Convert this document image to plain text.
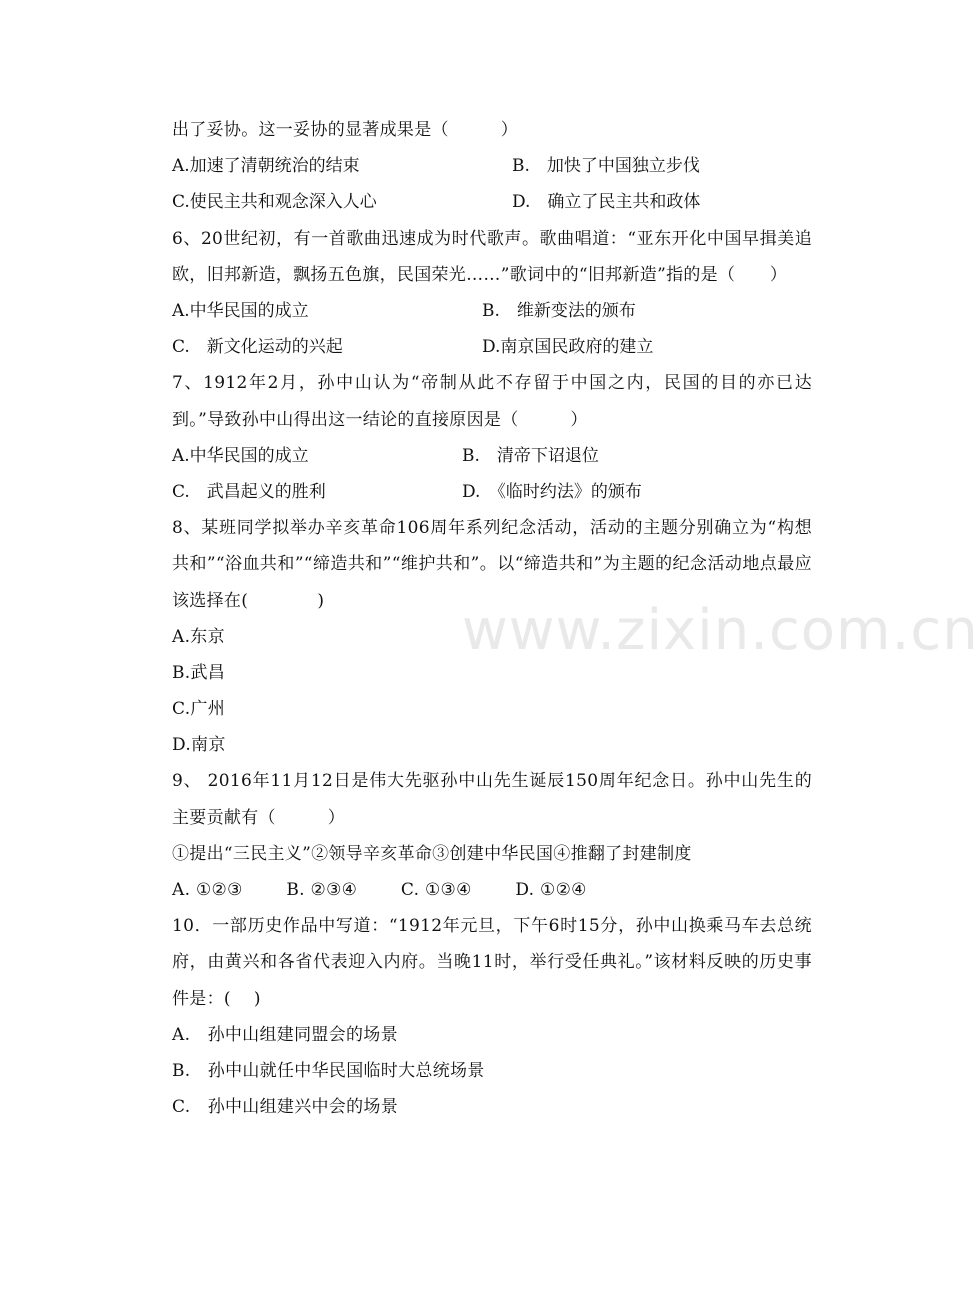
www.zixin.com.cn
出了妥协。这一妥协的显著成果是（　　　）
A.加速了清朝统治的结束	B.　加快了中国独立步伐
C.使民主共和观念深入人心	D.　确立了民主共和政体
6、20世纪初，有一首歌曲迅速成为时代歌声。歌曲唱道：“亚东开化中国早揖美追欧，旧邦新造，飘扬五色旗，民国荣光……”歌词中的“旧邦新造”指的是（　　）
A.中华民国的成立	B.　维新变法的颁布
C.　新文化运动的兴起	D.南京国民政府的建立
7、1912年2月，孙中山认为“帝制从此不存留于中国之内，民国的目的亦已达到。”导致孙中山得出这一结论的直接原因是（　　　）
A.中华民国的成立	B.　清帝下诏退位
C.　武昌起义的胜利	D.　《临时约法》的颁布
8、某班同学拟举办辛亥革命106周年系列纪念活动，活动的主题分别确立为“构想共和”“浴血共和”“缔造共和”“维护共和”。以“缔造共和”为主题的纪念活动地点最应该选择在(　　　　)
A.东京
B.武昌
C.广州
D.南京
9、 2016年11月12日是伟大先驱孙中山先生诞辰150周年纪念日。孙中山先生的主要贡献有（　　　）
①提出“三民主义”②领导辛亥革命③创建中华民国④推翻了封建制度
A. ①②③	B. ②③④	C. ①③④	D. ①②④
10．一部历史作品中写道：“1912年元旦，下午6时15分，孙中山换乘马车去总统府，由黄兴和各省代表迎入内府。当晚11时，举行受任典礼。”该材料反映的历史事件是：(　 )
A.　孙中山组建同盟会的场景
B.　孙中山就任中华民国临时大总统场景
C.　孙中山组建兴中会的场景
